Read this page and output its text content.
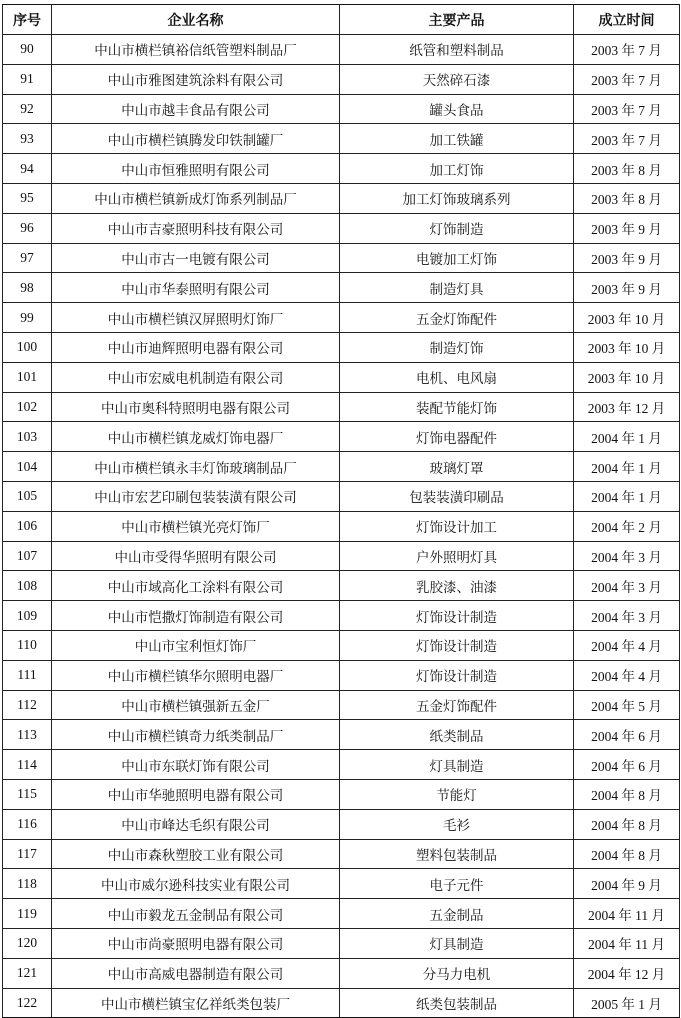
序号	企业名称	主要产品	成立时间
90	中山市横栏镇裕信纸管塑料制品厂	纸管和塑料制品	2003 年 7 月
91	中山市雅图建筑涂料有限公司	天然碎石漆	2003 年 7 月
92	中山市越丰食品有限公司	罐头食品	2003 年 7 月
93	中山市横栏镇腾发印铁制罐厂	加工铁罐	2003 年 7 月
94	中山市恒雅照明有限公司	加工灯饰	2003 年 8 月
95	中山市横栏镇新成灯饰系列制品厂	加工灯饰玻璃系列	2003 年 8 月
96	中山市吉豪照明科技有限公司	灯饰制造	2003 年 9 月
97	中山市古一电镀有限公司	电镀加工灯饰	2003 年 9 月
98	中山市华泰照明有限公司	制造灯具	2003 年 9 月
99	中山市横栏镇汉屏照明灯饰厂	五金灯饰配件	2003 年 10 月
100	中山市迪辉照明电器有限公司	制造灯饰	2003 年 10 月
101	中山市宏威电机制造有限公司	电机、电风扇	2003 年 10 月
102	中山市奥科特照明电器有限公司	装配节能灯饰	2003 年 12 月
103	中山市横栏镇龙威灯饰电器厂	灯饰电器配件	2004 年 1 月
104	中山市横栏镇永丰灯饰玻璃制品厂	玻璃灯罩	2004 年 1 月
105	中山市宏艺印刷包装装潢有限公司	包装装潢印刷品	2004 年 1 月
106	中山市横栏镇光亮灯饰厂	灯饰设计加工	2004 年 2 月
107	中山市受得华照明有限公司	户外照明灯具	2004 年 3 月
108	中山市域高化工涂料有限公司	乳胶漆、油漆	2004 年 3 月
109	中山市恺撒灯饰制造有限公司	灯饰设计制造	2004 年 3 月
110	中山市宝利恒灯饰厂	灯饰设计制造	2004 年 4 月
111	中山市横栏镇华尔照明电器厂	灯饰设计制造	2004 年 4 月
112	中山市横栏镇强新五金厂	五金灯饰配件	2004 年 5 月
113	中山市横栏镇奇力纸类制品厂	纸类制品	2004 年 6 月
114	中山市东联灯饰有限公司	灯具制造	2004 年 6 月
115	中山市华驰照明电器有限公司	节能灯	2004 年 8 月
116	中山市峰达毛织有限公司	毛衫	2004 年 8 月
117	中山市森秋塑胶工业有限公司	塑料包装制品	2004 年 8 月
118	中山市威尔逊科技实业有限公司	电子元件	2004 年 9 月
119	中山市毅龙五金制品有限公司	五金制品	2004 年 11 月
120	中山市尚豪照明电器有限公司	灯具制造	2004 年 11 月
121	中山市高威电器制造有限公司	分马力电机	2004 年 12 月
122	中山市横栏镇宝亿祥纸类包装厂	纸类包装制品	2005 年 1 月
